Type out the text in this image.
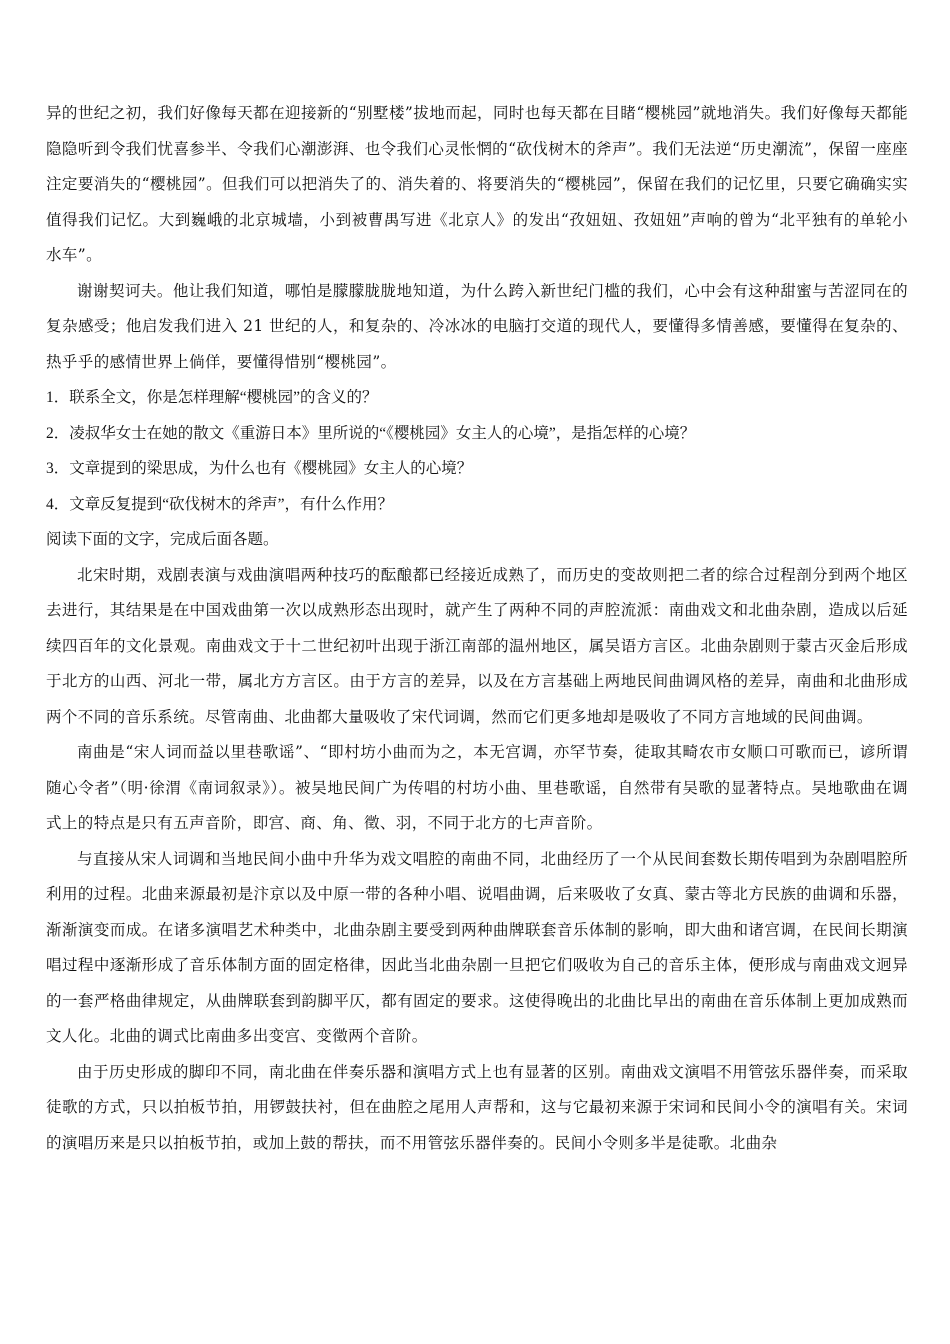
异的世纪之初，我们好像每天都在迎接新的“别墅楼”拔地而起，同时也每天都在目睹“樱桃园”就地消失。我们好像每天都能隐隐听到令我们忧喜参半、令我们心潮澎湃、也令我们心灵怅惘的“砍伐树木的斧声”。我们无法逆“历史潮流”，保留一座座注定要消失的“樱桃园”。但我们可以把消失了的、消失着的、将要消失的“樱桃园”，保留在我们的记忆里，只要它确确实实值得我们记忆。大到巍峨的北京城墙，小到被曹禺写进《北京人》的发出“孜妞妞、孜妞妞”声响的曾为“北平独有的单轮小水车”。

谢谢契诃夫。他让我们知道，哪怕是朦朦胧胧地知道，为什么跨入新世纪门槛的我们，心中会有这种甜蜜与苦涩同在的复杂感受；他启发我们进入 21 世纪的人，和复杂的、冷冰冰的电脑打交道的现代人，要懂得多情善感，要懂得在复杂的、热乎乎的感情世界上倘佯，要懂得惜别“樱桃园”。

1．联系全文，你是怎样理解“樱桃园”的含义的？

2．凌叔华女士在她的散文《重游日本》里所说的“《樱桃园》女主人的心境”，是指怎样的心境？

3．文章提到的梁思成，为什么也有《樱桃园》女主人的心境？

4．文章反复提到“砍伐树木的斧声”，有什么作用？

阅读下面的文字，完成后面各题。

北宋时期，戏剧表演与戏曲演唱两种技巧的酝酿都已经接近成熟了，而历史的变故则把二者的综合过程剖分到两个地区去进行，其结果是在中国戏曲第一次以成熟形态出现时，就产生了两种不同的声腔流派：南曲戏文和北曲杂剧，造成以后延续四百年的文化景观。南曲戏文于十二世纪初叶出现于浙江南部的温州地区，属吴语方言区。北曲杂剧则于蒙古灭金后形成于北方的山西、河北一带，属北方方言区。由于方言的差异，以及在方言基础上两地民间曲调风格的差异，南曲和北曲形成两个不同的音乐系统。尽管南曲、北曲都大量吸收了宋代词调，然而它们更多地却是吸收了不同方言地域的民间曲调。

南曲是“宋人词而益以里巷歌谣”、“即村坊小曲而为之，本无宫调，亦罕节奏，徒取其畸农市女顺口可歌而已，谚所谓随心令者”（明·徐渭《南词叙录》）。被吴地民间广为传唱的村坊小曲、里巷歌谣，自然带有吴歌的显著特点。吴地歌曲在调式上的特点是只有五声音阶，即宫、商、角、徵、羽，不同于北方的七声音阶。

与直接从宋人词调和当地民间小曲中升华为戏文唱腔的南曲不同，北曲经历了一个从民间套数长期传唱到为杂剧唱腔所利用的过程。北曲来源最初是汴京以及中原一带的各种小唱、说唱曲调，后来吸收了女真、蒙古等北方民族的曲调和乐器，渐渐演变而成。在诸多演唱艺术种类中，北曲杂剧主要受到两种曲牌联套音乐体制的影响，即大曲和诸宫调，在民间长期演唱过程中逐渐形成了音乐体制方面的固定格律，因此当北曲杂剧一旦把它们吸收为自己的音乐主体，便形成与南曲戏文迥异的一套严格曲律规定，从曲牌联套到韵脚平仄，都有固定的要求。这使得晚出的北曲比早出的南曲在音乐体制上更加成熟而文人化。北曲的调式比南曲多出变宫、变徵两个音阶。

由于历史形成的脚印不同，南北曲在伴奏乐器和演唱方式上也有显著的区别。南曲戏文演唱不用管弦乐器伴奏，而采取徒歌的方式，只以拍板节拍，用锣鼓扶衬，但在曲腔之尾用人声帮和，这与它最初来源于宋词和民间小令的演唱有关。宋词的演唱历来是只以拍板节拍，或加上鼓的帮扶，而不用管弦乐器伴奏的。民间小令则多半是徒歌。北曲杂
